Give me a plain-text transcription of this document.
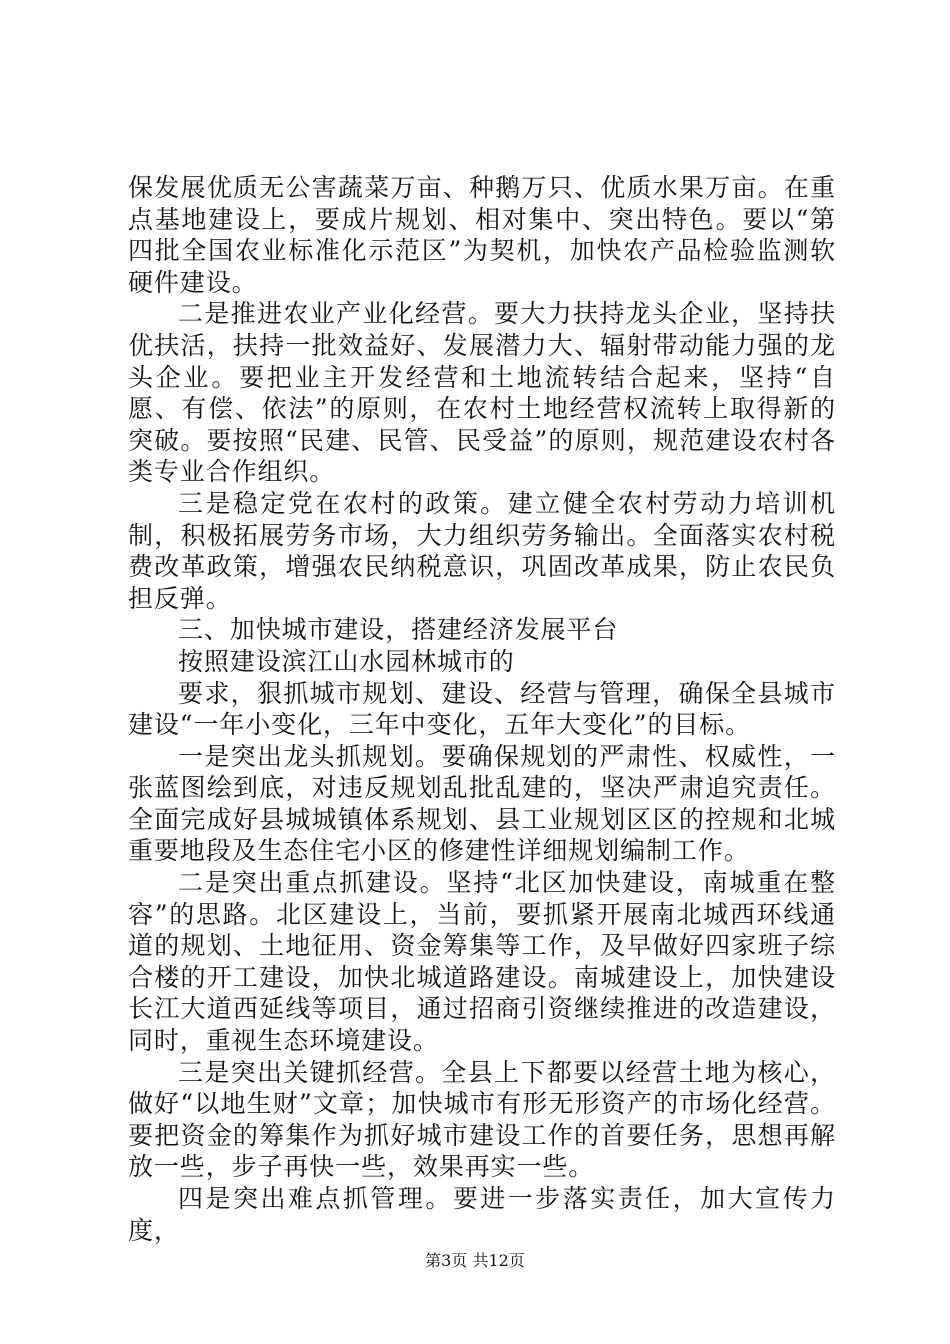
保发展优质无公害蔬菜万亩、种鹅万只、优质水果万亩。在重点基地建设上，要成片规划、相对集中、突出特色。要以“第四批全国农业标准化示范区”为契机，加快农产品检验监测软硬件建设。

二是推进农业产业化经营。要大力扶持龙头企业，坚持扶优扶活，扶持一批效益好、发展潜力大、辐射带动能力强的龙头企业。要把业主开发经营和土地流转结合起来，坚持“自愿、有偿、依法”的原则，在农村土地经营权流转上取得新的突破。要按照“民建、民管、民受益”的原则，规范建设农村各类专业合作组织。

三是稳定党在农村的政策。建立健全农村劳动力培训机制，积极拓展劳务市场，大力组织劳务输出。全面落实农村税费改革政策，增强农民纳税意识，巩固改革成果，防止农民负担反弹。

三、加快城市建设，搭建经济发展平台

按照建设滨江山水园林城市的

要求，狠抓城市规划、建设、经营与管理，确保全县城市建设“一年小变化，三年中变化，五年大变化”的目标。

一是突出龙头抓规划。要确保规划的严肃性、权威性，一张蓝图绘到底，对违反规划乱批乱建的，坚决严肃追究责任。全面完成好县城城镇体系规划、县工业规划区区的控规和北城重要地段及生态住宅小区的修建性详细规划编制工作。

二是突出重点抓建设。坚持“北区加快建设，南城重在整容”的思路。北区建设上，当前，要抓紧开展南北城西环线通道的规划、土地征用、资金筹集等工作，及早做好四家班子综合楼的开工建设，加快北城道路建设。南城建设上，加快建设长江大道西延线等项目，通过招商引资继续推进的改造建设，同时，重视生态环境建设。

三是突出关键抓经营。全县上下都要以经营土地为核心，做好“以地生财”文章；加快城市有形无形资产的市场化经营。要把资金的筹集作为抓好城市建设工作的首要任务，思想再解放一些，步子再快一些，效果再实一些。

四是突出难点抓管理。要进一步落实责任，加大宣传力度，

第3页 共12页
